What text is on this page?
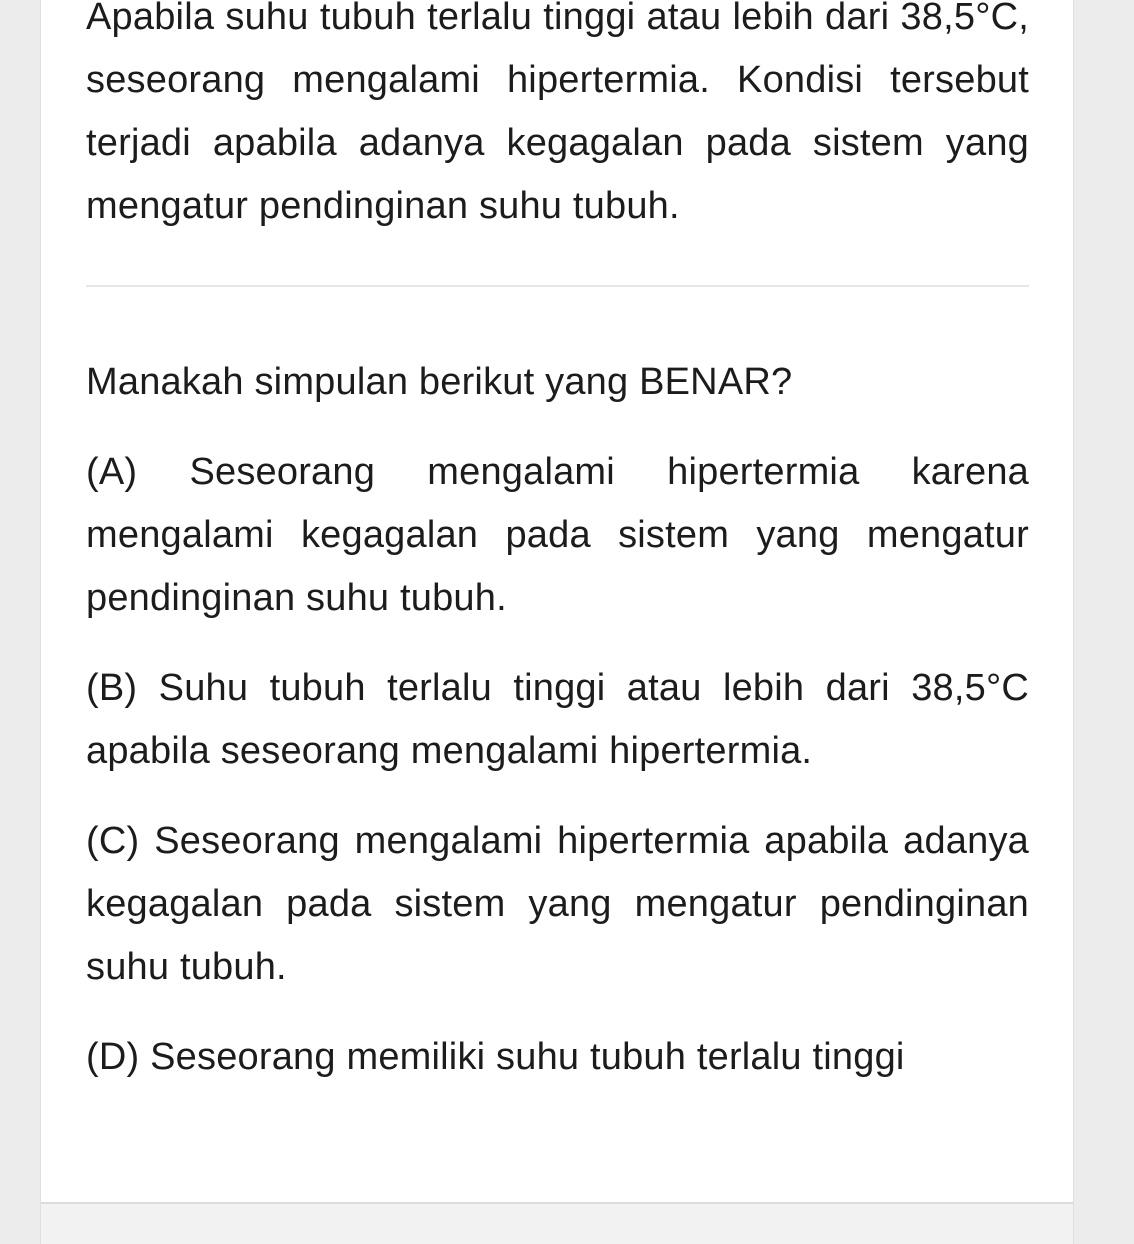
Apabila suhu tubuh terlalu tinggi atau lebih dari 38,5°C, seseorang mengalami hipertermia. Kondisi tersebut terjadi apabila adanya kegagalan pada sistem yang mengatur pendinginan suhu tubuh.

Manakah simpulan berikut yang BENAR?

(A) Seseorang mengalami hipertermia karena mengalami kegagalan pada sistem yang mengatur pendinginan suhu tubuh.

(B) Suhu tubuh terlalu tinggi atau lebih dari 38,5°C apabila seseorang mengalami hipertermia.

(C) Seseorang mengalami hipertermia apabila adanya kegagalan pada sistem yang mengatur pendinginan suhu tubuh.

(D) Seseorang memiliki suhu tubuh terlalu tinggi
